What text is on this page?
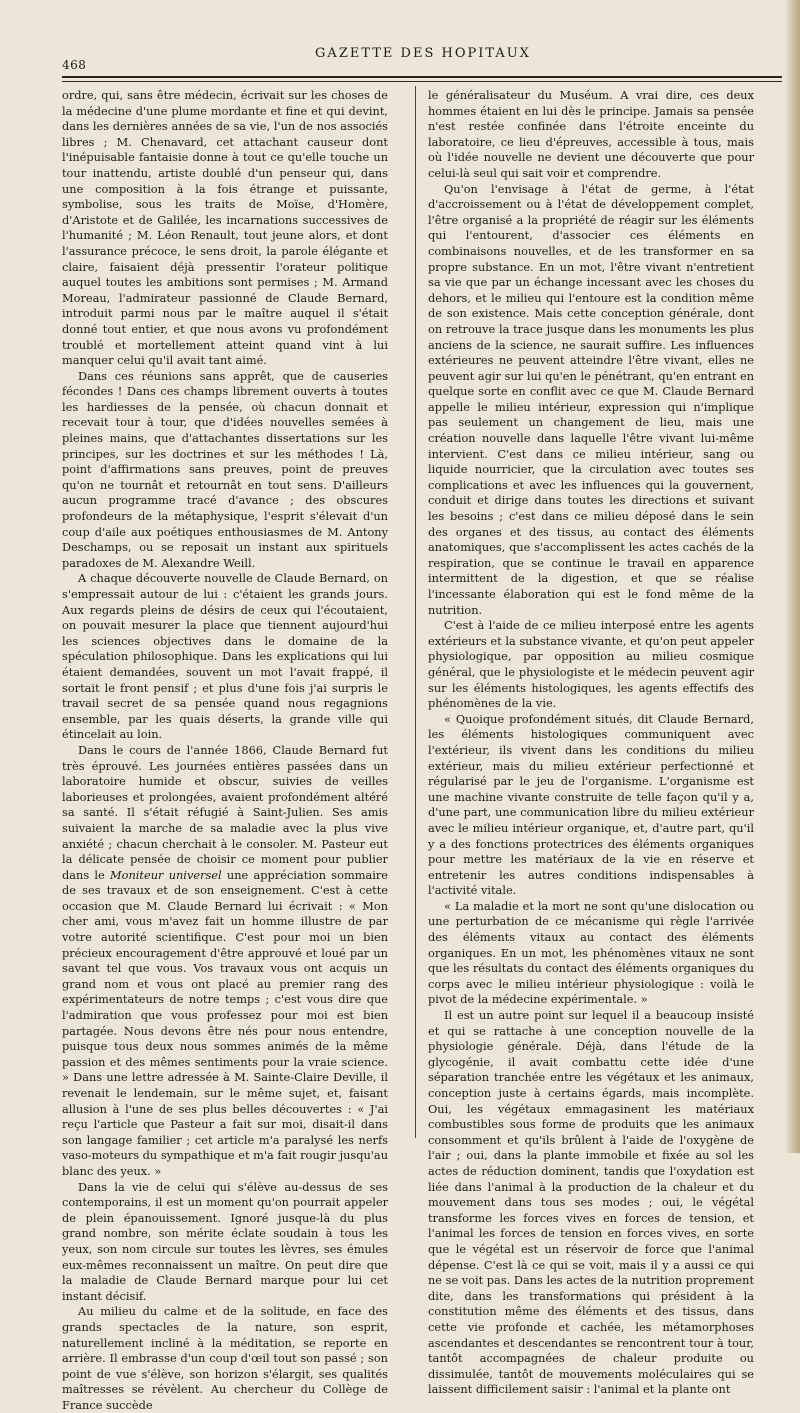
468
GAZETTE DES HOPITAUX

ordre, qui, sans être médecin, écrivait sur les choses de la médecine d'une plume mordante et fine et qui devint, dans les dernières années de sa vie, l'un de nos associés libres ; M. Chenavard, cet attachant causeur dont l'inépuisable fantaisie donne à tout ce qu'elle touche un tour inattendu, artiste doublé d'un penseur qui, dans une composition à la fois étrange et puissante, symbolise, sous les traits de Moïse, d'Homère, d'Aristote et de Galilée, les incarnations successives de l'humanité ; M. Léon Renault, tout jeune alors, et dont l'assurance précoce, le sens droit, la parole élégante et claire, faisaient déjà pressentir l'orateur politique auquel toutes les ambitions sont permises ; M. Armand Moreau, l'admirateur passionné de Claude Bernard, introduit parmi nous par le maître auquel il s'était donné tout entier, et que nous avons vu profondément troublé et mortellement atteint quand vint à lui manquer celui qu'il avait tant aimé.

Dans ces réunions sans apprêt, que de causeries fécondes ! Dans ces champs librement ouverts à toutes les hardiesses de la pensée, où chacun donnait et recevait tour à tour, que d'idées nouvelles semées à pleines mains, que d'attachantes dissertations sur les principes, sur les doctrines et sur les méthodes ! Là, point d'affirmations sans preuves, point de preuves qu'on ne tournât et retournât en tout sens. D'ailleurs aucun programme tracé d'avance ; des obscures profondeurs de la métaphysique, l'esprit s'élevait d'un coup d'aile aux poétiques enthousiasmes de M. Antony Deschamps, ou se reposait un instant aux spirituels paradoxes de M. Alexandre Weill.

A chaque découverte nouvelle de Claude Bernard, on s'empressait autour de lui : c'étaient les grands jours. Aux regards pleins de désirs de ceux qui l'écoutaient, on pouvait mesurer la place que tiennent aujourd'hui les sciences objectives dans le domaine de la spéculation philosophique. Dans les explications qui lui étaient demandées, souvent un mot l'avait frappé, il sortait le front pensif ; et plus d'une fois j'ai surpris le travail secret de sa pensée quand nous regagnions ensemble, par les quais déserts, la grande ville qui étincelait au loin.

Dans le cours de l'année 1866, Claude Bernard fut très éprouvé. Les journées entières passées dans un laboratoire humide et obscur, suivies de veilles laborieuses et prolongées, avaient profondément altéré sa santé. Il s'était réfugié à Saint-Julien. Ses amis suivaient la marche de sa maladie avec la plus vive anxiété ; chacun cherchait à le consoler. M. Pasteur eut la délicate pensée de choisir ce moment pour publier dans le Moniteur universel une appréciation sommaire de ses travaux et de son enseignement. C'est à cette occasion que M. Claude Bernard lui écrivait : « Mon cher ami, vous m'avez fait un homme illustre de par votre autorité scientifique. C'est pour moi un bien précieux encouragement d'être approuvé et loué par un savant tel que vous. Vos travaux vous ont acquis un grand nom et vous ont placé au premier rang des expérimentateurs de notre temps ; c'est vous dire que l'admiration que vous professez pour moi est bien partagée. Nous devons être nés pour nous entendre, puisque tous deux nous sommes animés de la même passion et des mêmes sentiments pour la vraie science. » Dans une lettre adressée à M. Sainte-Claire Deville, il revenait le lendemain, sur le même sujet, et, faisant allusion à l'une de ses plus belles découvertes : « J'ai reçu l'article que Pasteur a fait sur moi, disait-il dans son langage familier ; cet article m'a paralysé les nerfs vaso-moteurs du sympathique et m'a fait rougir jusqu'au blanc des yeux. »

Dans la vie de celui qui s'élève au-dessus de ses contemporains, il est un moment qu'on pourrait appeler de plein épanouissement. Ignoré jusque-là du plus grand nombre, son mérite éclate soudain à tous les yeux, son nom circule sur toutes les lèvres, ses émules eux-mêmes reconnaissent un maître. On peut dire que la maladie de Claude Bernard marque pour lui cet instant décisif.

Au milieu du calme et de la solitude, en face des grands spectacles de la nature, son esprit, naturellement incliné à la méditation, se reporte en arrière. Il embrasse d'un coup d'œil tout son passé ; son point de vue s'élève, son horizon s'élargit, ses qualités maîtresses se révèlent. Au chercheur du Collège de France succède

le généralisateur du Muséum. A vrai dire, ces deux hommes étaient en lui dès le principe. Jamais sa pensée n'est restée confinée dans l'étroite enceinte du laboratoire, ce lieu d'épreuves, accessible à tous, mais où l'idée nouvelle ne devient une découverte que pour celui-là seul qui sait voir et comprendre.

Qu'on l'envisage à l'état de germe, à l'état d'accroissement ou à l'état de développement complet, l'être organisé a la propriété de réagir sur les éléments qui l'entourent, d'associer ces éléments en combinaisons nouvelles, et de les transformer en sa propre substance. En un mot, l'être vivant n'entretient sa vie que par un échange incessant avec les choses du dehors, et le milieu qui l'entoure est la condition même de son existence. Mais cette conception générale, dont on retrouve la trace jusque dans les monuments les plus anciens de la science, ne saurait suffire. Les influences extérieures ne peuvent atteindre l'être vivant, elles ne peuvent agir sur lui qu'en le pénétrant, qu'en entrant en quelque sorte en conflit avec ce que M. Claude Bernard appelle le milieu intérieur, expression qui n'implique pas seulement un changement de lieu, mais une création nouvelle dans laquelle l'être vivant lui-même intervient. C'est dans ce milieu intérieur, sang ou liquide nourricier, que la circulation avec toutes ses complications et avec les influences qui la gouvernent, conduit et dirige dans toutes les directions et suivant les besoins ; c'est dans ce milieu déposé dans le sein des organes et des tissus, au contact des éléments anatomiques, que s'accomplissent les actes cachés de la respiration, que se continue le travail en apparence intermittent de la digestion, et que se réalise l'incessante élaboration qui est le fond même de la nutrition.

C'est à l'aide de ce milieu interposé entre les agents extérieurs et la substance vivante, et qu'on peut appeler physiologique, par opposition au milieu cosmique général, que le physiologiste et le médecin peuvent agir sur les éléments histologiques, les agents effectifs des phénomènes de la vie.

« Quoique profondément situés, dit Claude Bernard, les éléments histologiques communiquent avec l'extérieur, ils vivent dans les conditions du milieu extérieur, mais du milieu extérieur perfectionné et régularisé par le jeu de l'organisme. L'organisme est une machine vivante construite de telle façon qu'il y a, d'une part, une communication libre du milieu extérieur avec le milieu intérieur organique, et, d'autre part, qu'il y a des fonctions protectrices des éléments organiques pour mettre les matériaux de la vie en réserve et entretenir les autres conditions indispensables à l'activité vitale.

« La maladie et la mort ne sont qu'une dislocation ou une perturbation de ce mécanisme qui règle l'arrivée des éléments vitaux au contact des éléments organiques. En un mot, les phénomènes vitaux ne sont que les résultats du contact des éléments organiques du corps avec le milieu intérieur physiologique : voilà le pivot de la médecine expérimentale. »

Il est un autre point sur lequel il a beaucoup insisté et qui se rattache à une conception nouvelle de la physiologie générale. Déjà, dans l'étude de la glycogénie, il avait combattu cette idée d'une séparation tranchée entre les végétaux et les animaux, conception juste à certains égards, mais incomplète. Oui, les végétaux emmagasinent les matériaux combustibles sous forme de produits que les animaux consomment et qu'ils brûlent à l'aide de l'oxygène de l'air ; oui, dans la plante immobile et fixée au sol les actes de réduction dominent, tandis que l'oxydation est liée dans l'animal à la production de la chaleur et du mouvement dans tous ses modes ; oui, le végétal transforme les forces vives en forces de tension, et l'animal les forces de tension en forces vives, en sorte que le végétal est un réservoir de force que l'animal dépense. C'est là ce qui se voit, mais il y a aussi ce qui ne se voit pas. Dans les actes de la nutrition proprement dite, dans les transformations qui président à la constitution même des éléments et des tissus, dans cette vie profonde et cachée, les métamorphoses ascendantes et descendantes se rencontrent tour à tour, tantôt accompagnées de chaleur produite ou dissimulée, tantôt de mouvements moléculaires qui se laissent difficilement saisir : l'animal et la plante ont
